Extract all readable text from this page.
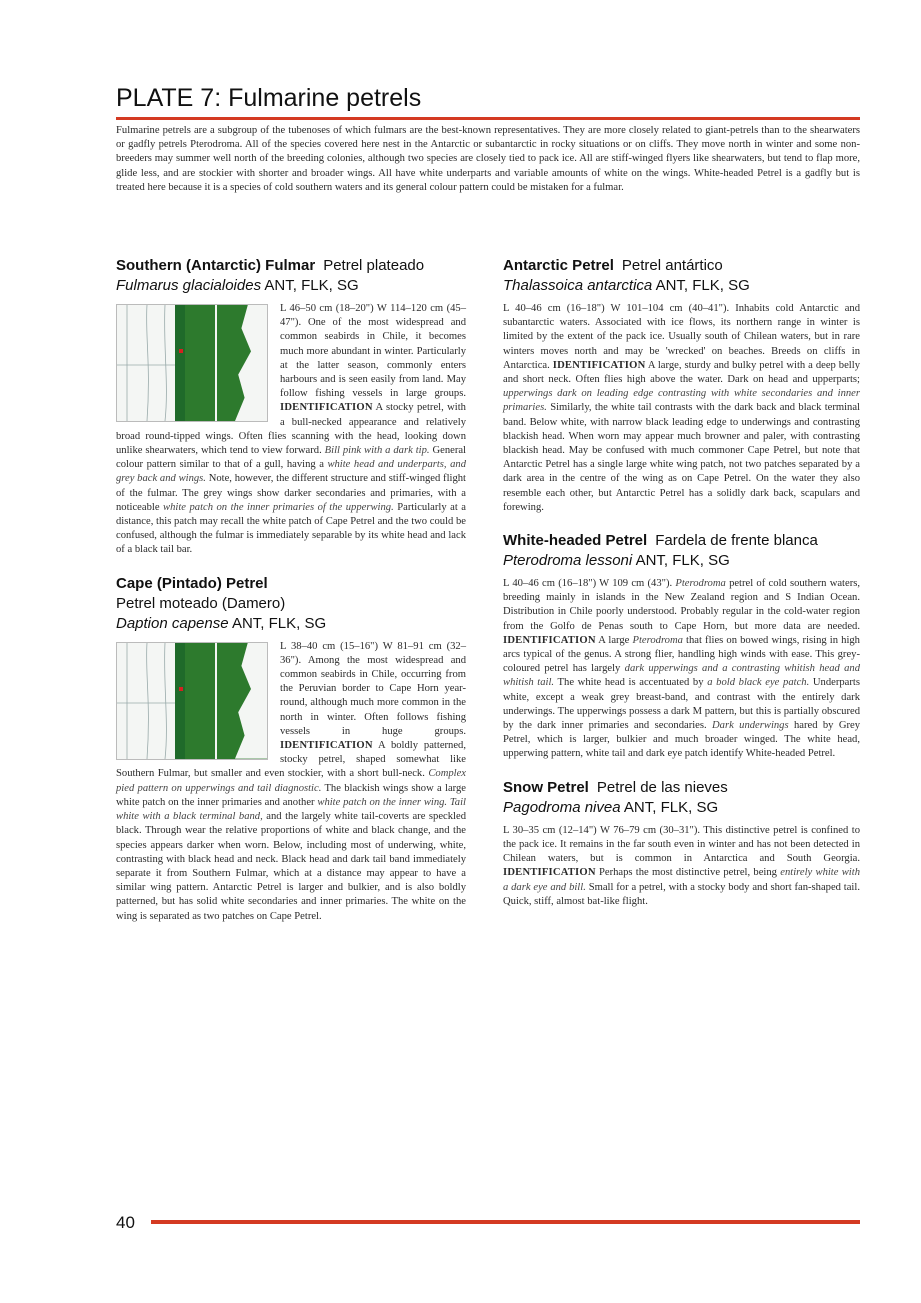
PLATE 7: Fulmarine petrels

Fulmarine petrels are a subgroup of the tubenoses of which fulmars are the best-known representatives. They are more closely related to giant-petrels than to the shearwaters or gadfly petrels Pterodroma. All of the species covered here nest in the Antarctic or subantarctic in rocky situations or on cliffs. They move north in winter and some non-breeders may summer well north of the breeding colonies, although two species are closely tied to pack ice. All are stiff-winged flyers like shearwaters, but tend to flap more, glide less, and are stockier with shorter and broader wings. All have white underparts and variable amounts of white on the wings. White-headed Petrel is a gadfly but is treated here because it is a species of cold southern waters and its general colour pattern could be mistaken for a fulmar.

Southern (Antarctic) Fulmar Petrel plateado
Fulmarus glacialoides ANT, FLK, SG

L 46–50 cm (18–20") W 114–120 cm (45–47"). One of the most widespread and common seabirds in Chile, it becomes much more abundant in winter. Particularly at the latter season, commonly enters harbours and is seen easily from land. May follow fishing vessels in large groups. IDENTIFICATION A stocky petrel, with a bull-necked appearance and relatively broad round-tipped wings. Often flies scanning with the head, looking down unlike shearwaters, which tend to view forward. Bill pink with a dark tip. General colour pattern similar to that of a gull, having a white head and underparts, and grey back and wings. Note, however, the different structure and stiff-winged flight of the fulmar. The grey wings show darker secondaries and primaries, with a noticeable white patch on the inner primaries of the upperwing. Particularly at a distance, this patch may recall the white patch of Cape Petrel and the two could be confused, although the fulmar is immediately separable by its white head and lack of a black tail bar.

Cape (Pintado) Petrel
Petrel moteado (Damero)
Daption capense ANT, FLK, SG

L 38–40 cm (15–16") W 81–91 cm (32–36"). Among the most widespread and common seabirds in Chile, occurring from the Peruvian border to Cape Horn year-round, although much more common in the north in winter. Often follows fishing vessels in huge groups. IDENTIFICATION A boldly patterned, stocky petrel, shaped somewhat like Southern Fulmar, but smaller and even stockier, with a short bull-neck. Complex pied pattern on upperwings and tail diagnostic. The blackish wings show a large white patch on the inner primaries and another white patch on the inner wing. Tail white with a black terminal band, and the largely white tail-coverts are speckled black. Through wear the relative proportions of white and black change, and the species appears darker when worn. Below, including most of underwing, white, contrasting with black head and neck. Black head and dark tail band immediately separate it from Southern Fulmar, which at a distance may appear to have a similar wing pattern. Antarctic Petrel is larger and bulkier, and is also boldly patterned, but has solid white secondaries and inner primaries. The white on the wing is separated as two patches on Cape Petrel.

Antarctic Petrel Petrel antártico
Thalassoica antarctica ANT, FLK, SG

L 40–46 cm (16–18") W 101–104 cm (40–41"). Inhabits cold Antarctic and subantarctic waters. Associated with ice flows, its northern range in winter is limited by the extent of the pack ice. Usually south of Chilean waters, but in rare winters moves north and may be 'wrecked' on beaches. Breeds on cliffs in Antarctica. IDENTIFICATION A large, sturdy and bulky petrel with a deep belly and short neck. Often flies high above the water. Dark on head and upperparts; upperwings dark on leading edge contrasting with white secondaries and inner primaries. Similarly, the white tail contrasts with the dark back and black terminal band. Below white, with narrow black leading edge to underwings and contrasting blackish head. When worn may appear much browner and paler, with contrasting blackish head. May be confused with much commoner Cape Petrel, but note that Antarctic Petrel has a single large white wing patch, not two patches separated by a dark area in the centre of the wing as on Cape Petrel. On the water they also resemble each other, but Antarctic Petrel has a solidly dark back, scapulars and forewing.

White-headed Petrel Fardela de frente blanca
Pterodroma lessoni ANT, FLK, SG

L 40–46 cm (16–18") W 109 cm (43"). Pterodroma petrel of cold southern waters, breeding mainly in islands in the New Zealand region and S Indian Ocean. Distribution in Chile poorly understood. Probably regular in the cold-water region from the Golfo de Penas south to Cape Horn, but more data are needed. IDENTIFICATION A large Pterodroma that flies on bowed wings, rising in high arcs typical of the genus. A strong flier, handling high winds with ease. This grey-coloured petrel has largely dark upperwings and a contrasting whitish head and whitish tail. The white head is accentuated by a bold black eye patch. Underparts white, except a weak grey breast-band, and contrast with the entirely dark underwings. The upperwings possess a dark M pattern, but this is partially obscured by the dark inner primaries and secondaries. Dark underwings hared by Grey Petrel, which is larger, bulkier and much broader winged. The white head, upperwing pattern, white tail and dark eye patch identify White-headed Petrel.

Snow Petrel Petrel de las nieves
Pagodroma nivea ANT, FLK, SG

L 30–35 cm (12–14") W 76–79 cm (30–31"). This distinctive petrel is confined to the pack ice. It remains in the far south even in winter and has not been detected in Chilean waters, but is common in Antarctica and South Georgia. IDENTIFICATION Perhaps the most distinctive petrel, being entirely white with a dark eye and bill. Small for a petrel, with a stocky body and short fan-shaped tail. Quick, stiff, almost bat-like flight.

40
